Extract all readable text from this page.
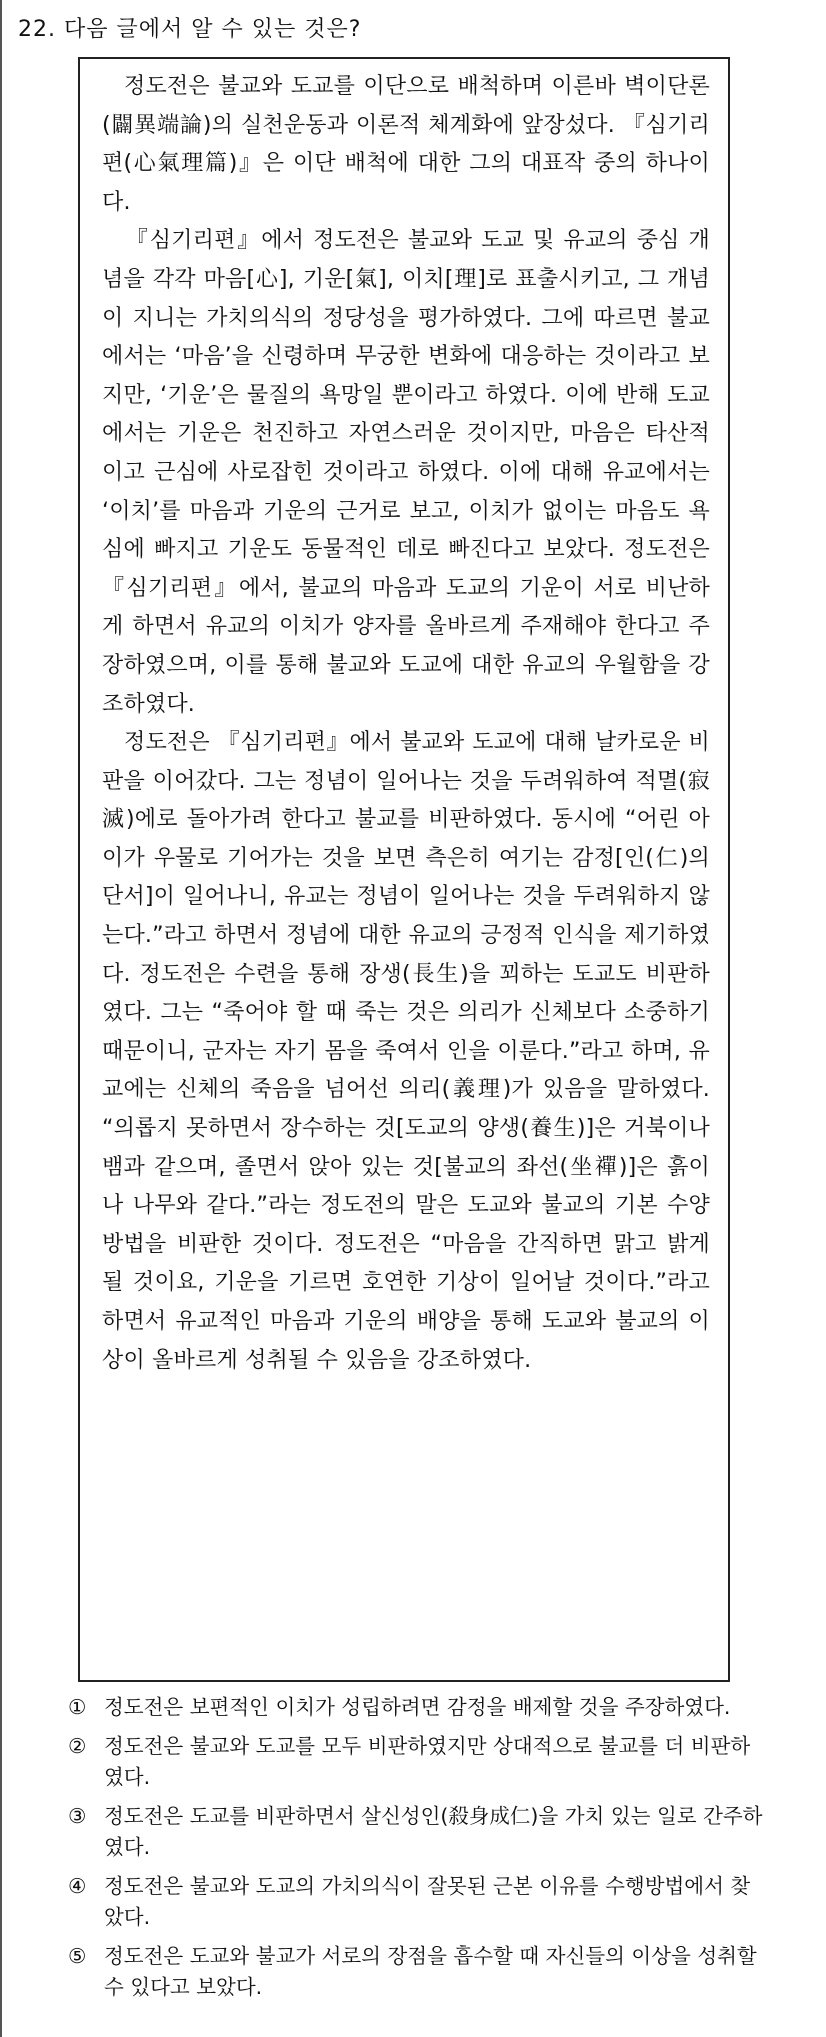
22. 다음 글에서 알 수 있는 것은?

정도전은 불교와 도교를 이단으로 배척하며 이른바 벽이단론(闢異端論)의 실천운동과 이론적 체계화에 앞장섰다. 『심기리편(心氣理篇)』은 이단 배척에 대한 그의 대표작 중의 하나이다.

『심기리편』에서 정도전은 불교와 도교 및 유교의 중심 개념을 각각 마음[心], 기운[氣], 이치[理]로 표출시키고, 그 개념이 지니는 가치의식의 정당성을 평가하였다. 그에 따르면 불교에서는 ‘마음’을 신령하며 무궁한 변화에 대응하는 것이라고 보지만, ‘기운’은 물질의 욕망일 뿐이라고 하였다. 이에 반해 도교에서는 기운은 천진하고 자연스러운 것이지만, 마음은 타산적이고 근심에 사로잡힌 것이라고 하였다. 이에 대해 유교에서는 ‘이치’를 마음과 기운의 근거로 보고, 이치가 없이는 마음도 욕심에 빠지고 기운도 동물적인 데로 빠진다고 보았다. 정도전은 『심기리편』에서, 불교의 마음과 도교의 기운이 서로 비난하게 하면서 유교의 이치가 양자를 올바르게 주재해야 한다고 주장하였으며, 이를 통해 불교와 도교에 대한 유교의 우월함을 강조하였다.

정도전은 『심기리편』에서 불교와 도교에 대해 날카로운 비판을 이어갔다. 그는 정념이 일어나는 것을 두려워하여 적멸(寂滅)에로 돌아가려 한다고 불교를 비판하였다. 동시에 “어린 아이가 우물로 기어가는 것을 보면 측은히 여기는 감정[인(仁)의 단서]이 일어나니, 유교는 정념이 일어나는 것을 두려워하지 않는다.”라고 하면서 정념에 대한 유교의 긍정적 인식을 제기하였다. 정도전은 수련을 통해 장생(長生)을 꾀하는 도교도 비판하였다. 그는 “죽어야 할 때 죽는 것은 의리가 신체보다 소중하기 때문이니, 군자는 자기 몸을 죽여서 인을 이룬다.”라고 하며, 유교에는 신체의 죽음을 넘어선 의리(義理)가 있음을 말하였다. “의롭지 못하면서 장수하는 것[도교의 양생(養生)]은 거북이나 뱀과 같으며, 졸면서 앉아 있는 것[불교의 좌선(坐禪)]은 흙이나 나무와 같다.”라는 정도전의 말은 도교와 불교의 기본 수양방법을 비판한 것이다. 정도전은 “마음을 간직하면 맑고 밝게 될 것이요, 기운을 기르면 호연한 기상이 일어날 것이다.”라고 하면서 유교적인 마음과 기운의 배양을 통해 도교와 불교의 이상이 올바르게 성취될 수 있음을 강조하였다.

① 정도전은 보편적인 이치가 성립하려면 감정을 배제할 것을 주장하였다.
② 정도전은 불교와 도교를 모두 비판하였지만 상대적으로 불교를 더 비판하였다.
③ 정도전은 도교를 비판하면서 살신성인(殺身成仁)을 가치 있는 일로 간주하였다.
④ 정도전은 불교와 도교의 가치의식이 잘못된 근본 이유를 수행방법에서 찾았다.
⑤ 정도전은 도교와 불교가 서로의 장점을 흡수할 때 자신들의 이상을 성취할 수 있다고 보았다.
